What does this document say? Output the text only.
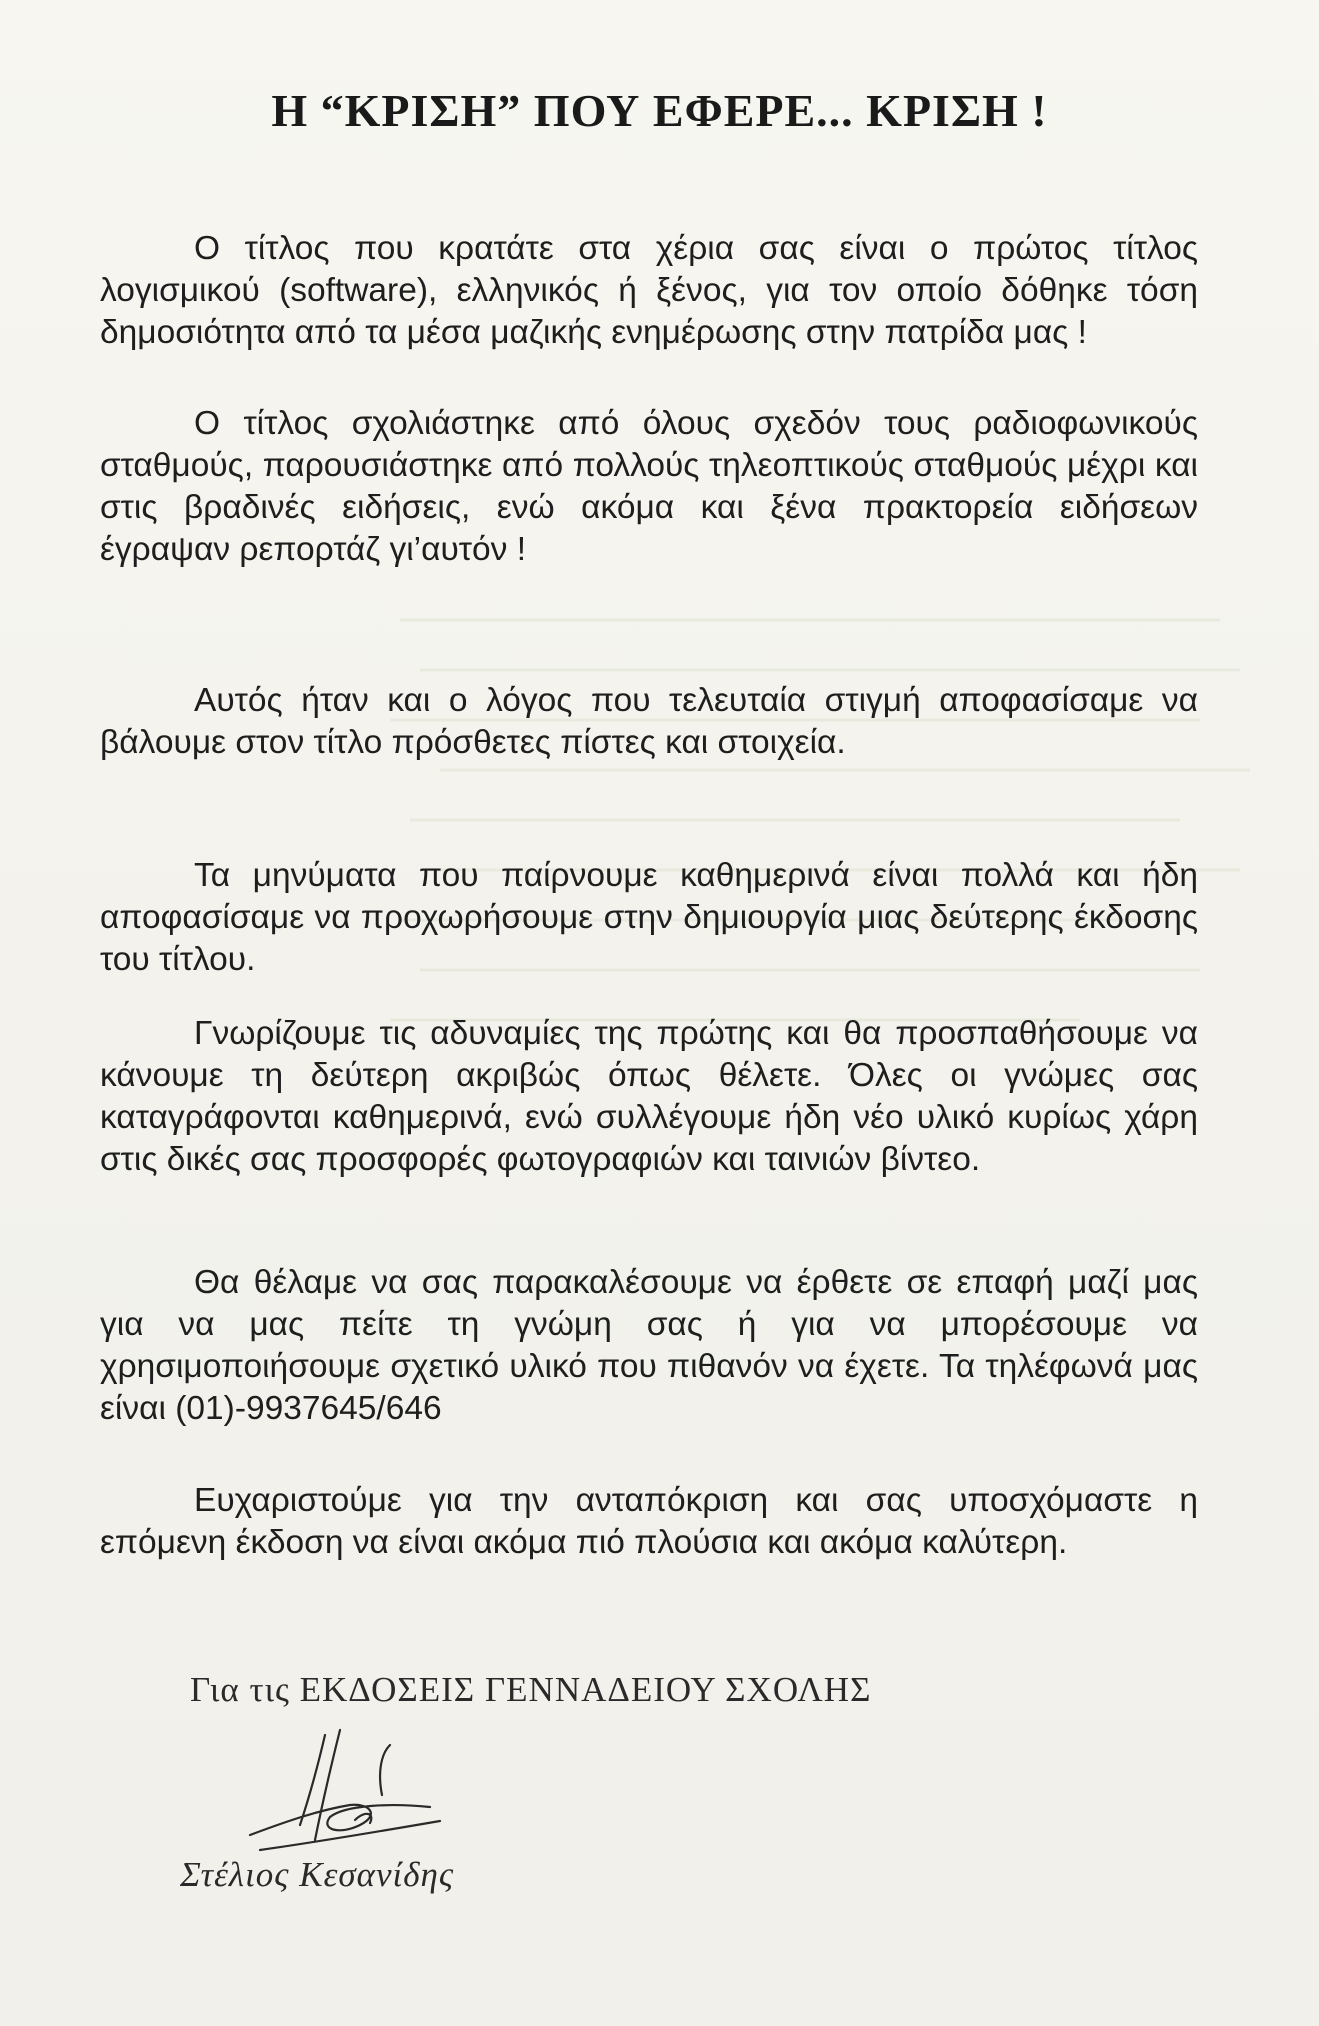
Η “ΚΡΙΣΗ” ΠΟΥ ΕΦΕΡΕ... ΚΡΙΣΗ !

Ο τίτλος που κρατάτε στα χέρια σας είναι ο πρώτος τίτλος λογισμικού (software), ελληνικός ή ξένος, για τον οποίο δόθηκε τόση δημοσιότητα από τα μέσα μαζικής ενημέρωσης στην πατρίδα μας !

Ο τίτλος σχολιάστηκε από όλους σχεδόν τους ραδιοφωνικούς σταθμούς, παρουσιάστηκε από πολλούς τηλεοπτικούς σταθμούς μέχρι και στις βραδινές ειδήσεις, ενώ ακόμα και ξένα πρακτορεία ειδήσεων έγραψαν ρεπορτάζ γι’αυτόν !

Αυτός ήταν και ο λόγος που τελευταία στιγμή αποφασίσαμε να βάλουμε στον τίτλο πρόσθετες πίστες και στοιχεία.

Τα μηνύματα που παίρνουμε καθημερινά είναι πολλά και ήδη αποφασίσαμε να προχωρήσουμε στην δημιουργία μιας δεύτερης έκδοσης του τίτλου.

Γνωρίζουμε τις αδυναμίες της πρώτης και θα προσπαθήσουμε να κάνουμε τη δεύτερη ακριβώς όπως θέλετε. Όλες οι γνώμες σας καταγράφονται καθημερινά, ενώ συλλέγουμε ήδη νέο υλικό κυρίως χάρη στις δικές σας προσφορές φωτογραφιών και ταινιών βίντεο.

Θα θέλαμε να σας παρακαλέσουμε να έρθετε σε επαφή μαζί μας για να μας πείτε τη γνώμη σας ή για να μπορέσουμε να χρησιμοποιήσουμε σχετικό υλικό που πιθανόν να έχετε. Τα τηλέφωνά μας είναι (01)-9937645/646

Ευχαριστούμε για την ανταπόκριση και σας υποσχόμαστε η επόμενη έκδοση να είναι ακόμα πιό πλούσια και ακόμα καλύτερη.

Για τις ΕΚΔΟΣΕΙΣ ΓΕΝΝΑΔΕΙΟΥ ΣΧΟΛΗΣ
Στέλιος Κεσανίδης
